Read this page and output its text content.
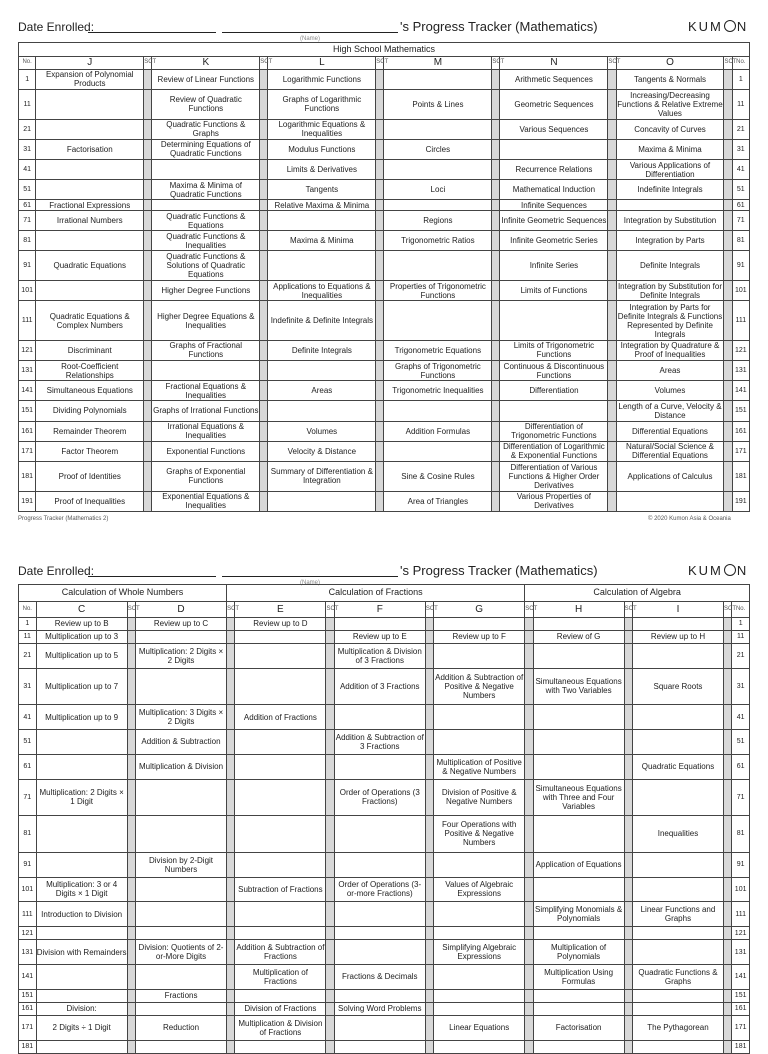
Date Enrolled:
(Name)
's Progress Tracker (Mathematics)	KUM N
High School Mathematics													
No.	J	SCT	K	SCT	L	SCT	M	SCT	N	SCT	O	SCT	No.
1	Expansion of Polynomial Products		Review of Linear Functions		Logarithmic Functions				Arithmetic Sequences		Tangents & Normals		1
11			Review of Quadratic Functions		Graphs of Logarithmic Functions		Points & Lines		Geometric Sequences		Increasing/Decreasing Functions & Relative Extreme Values		11
21			Quadratic Functions & Graphs		Logarithmic Equations & Inequalities				Various Sequences		Concavity of Curves		21
31	Factorisation		Determining Equations of Quadratic Functions		Modulus Functions		Circles				Maxima & Minima		31
41					Limits & Derivatives				Recurrence Relations		Various Applications of Differentiation		41
51			Maxima & Minima of Quadratic Functions		Tangents		Loci		Mathematical Induction		Indefinite Integrals		51
61	Fractional Expressions				Relative Maxima & Minima				Infinite Sequences				61
71	Irrational Numbers		Quadratic Functions & Equations				Regions		Infinite Geometric Sequences		Integration by Substitution		71
81			Quadratic Functions & Inequalities		Maxima & Minima		Trigonometric Ratios		Infinite Geometric Series		Integration by Parts		81
91	Quadratic Equations		Quadratic Functions & Solutions of Quadratic Equations						Infinite Series		Definite Integrals		91
101			Higher Degree Functions		Applications to Equations & Inequalities		Properties of Trigonometric Functions		Limits of Functions		Integration by Substitution for Definite Integrals		101
111	Quadratic Equations & Complex Numbers		Higher Degree Equations & Inequalities		Indefinite & Definite Integrals						Integration by Parts for Definite Integrals & Functions Represented by Definite Integrals		111
121	Discriminant		Graphs of Fractional Functions		Definite Integrals		Trigonometric Equations		Limits of Trigonometric Functions		Integration by Quadrature & Proof of Inequalities		121
131	Root-Coefficient Relationships						Graphs of Trigonometric Functions		Continuous & Discontinuous Functions		Areas		131
141	Simultaneous Equations		Fractional Equations & Inequalities		Areas		Trigonometric Inequalities		Differentiation		Volumes		141
151	Dividing Polynomials		Graphs of Irrational Functions								Length of a Curve, Velocity & Distance		151
161	Remainder Theorem		Irrational Equations & Inequalities		Volumes		Addition Formulas		Differentiation of Trigonometric Functions		Differential Equations		161
171	Factor Theorem		Exponential Functions		Velocity & Distance				Differentiation of Logarithmic & Exponential Functions		Natural/Social Science & Differential Equations		171
181	Proof of Identities		Graphs of Exponential Functions		Summary of Differentiation & Integration		Sine & Cosine Rules		Differentiation of Various Functions & Higher Order Derivatives		Applications of Calculus		181
191	Proof of Inequalities		Exponential Equations & Inequalities				Area of Triangles		Various Properties of Derivatives				191
Progress Tracker (Mathematics 2)	© 2020 Kumon Asia & Oceania
Date Enrolled:
(Name)
's Progress Tracker (Mathematics)	KUM N
Calculation of Whole Numbers				Calculation of Fractions						Calculation of Algebra					
No.	C	SCT	D	SCT	E	SCT	F	SCT	G	SCT	H	SCT	I	SCT	No.
1	Review up to B		Review up to C		Review up to D										1
11	Multiplication up to 3						Review up to E		Review up to F		Review of G		Review up to H		11
21	Multiplication up to 5		Multiplication: 2 Digits × 2 Digits				Multiplication & Division of 3 Fractions								21
31	Multiplication up to 7						Addition of 3 Fractions		Addition & Subtraction of Positive & Negative Numbers		Simultaneous Equations with Two Variables		Square Roots		31
41	Multiplication up to 9		Multiplication: 3 Digits × 2 Digits		Addition of Fractions										41
51			Addition & Subtraction				Addition & Subtraction of 3 Fractions								51
61			Multiplication & Division						Multiplication of Positive & Negative Numbers				Quadratic Equations		61
71	Multiplication: 2 Digits × 1 Digit						Order of Operations (3 Fractions)		Division of Positive & Negative Numbers		Simultaneous Equations with Three and Four Variables				71
81									Four Operations with Positive & Negative Numbers				Inequalities		81
91			Division by 2-Digit Numbers								Application of Equations				91
101	Multiplication: 3 or 4 Digits × 1 Digit				Subtraction of Fractions		Order of Operations (3-or-more Fractions)		Values of Algebraic Expressions						101
111	Introduction to Division										Simplifying Monomials & Polynomials		Linear Functions and Graphs		111
121															121
131	Division with Remainders		Division: Quotients of 2-or-More Digits		Addition & Subtraction of Fractions				Simplifying Algebraic Expressions		Multiplication of Polynomials				131
141					Multiplication of Fractions		Fractions & Decimals				Multiplication Using Formulas		Quadratic Functions & Graphs		141
151			Fractions												151
161	Division:				Division of Fractions		Solving Word Problems								161
171	2 Digits ÷ 1 Digit		Reduction		Multiplication & Division of Fractions				Linear Equations		Factorisation		The Pythagorean		171
181															181
